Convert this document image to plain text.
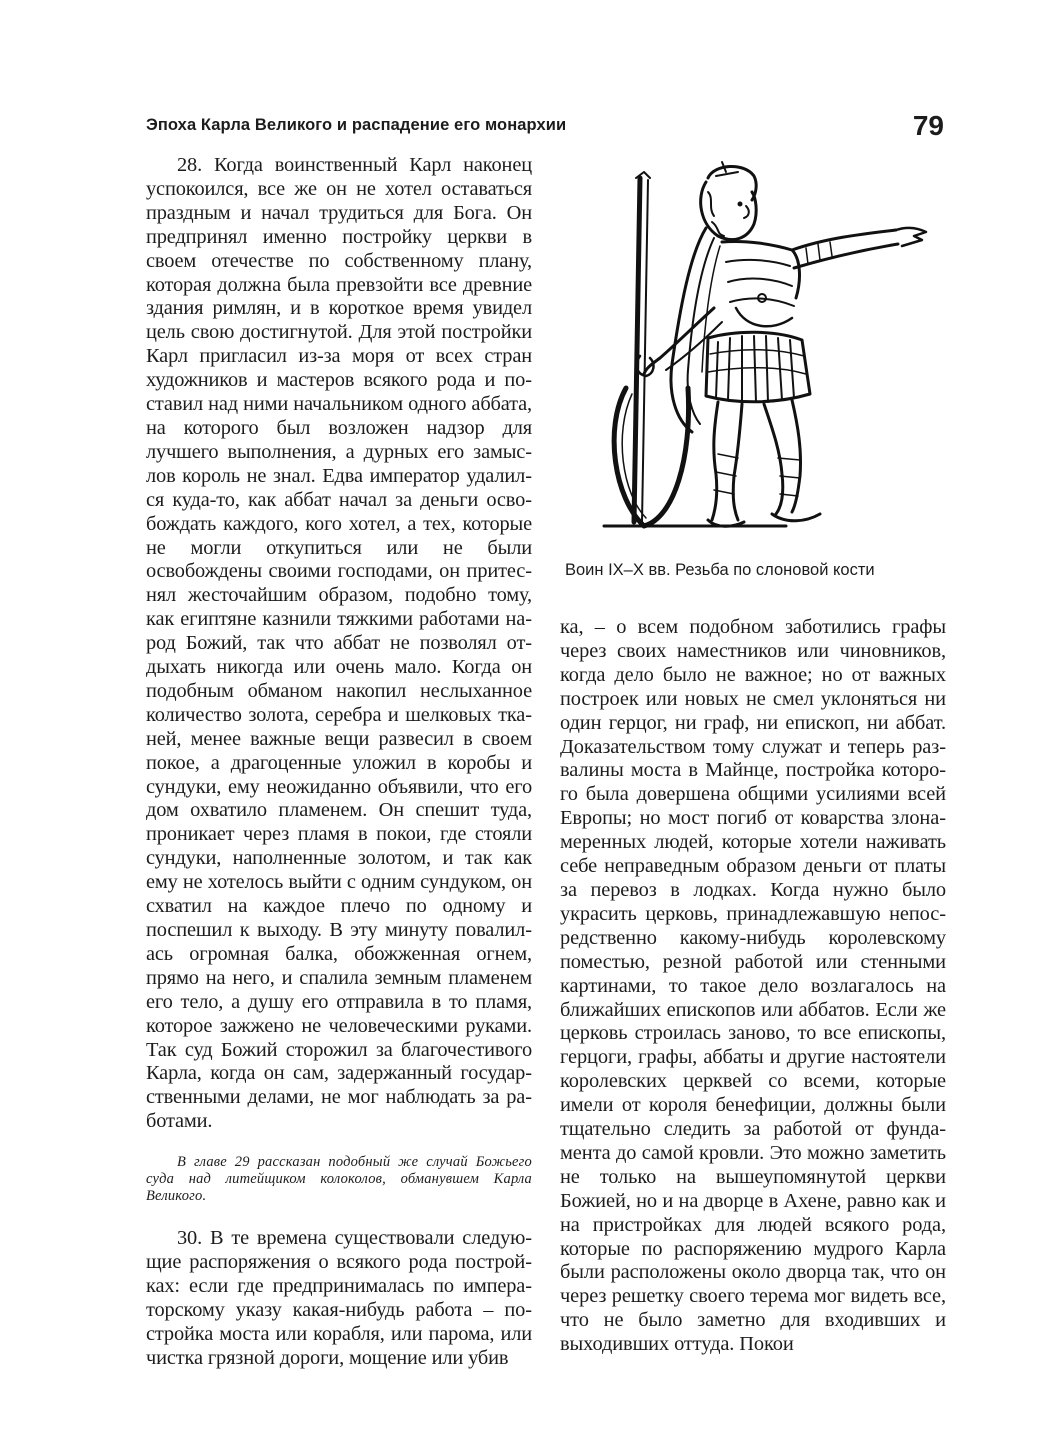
Эпоха Карла Великого и распадение его монархии	79

28. Когда воинственный Карл наконец успокоился, все же он не хотел оставаться праздным и начал трудиться для Бога. Он предпринял именно постройку церкви в своем отечестве по собственному плану, которая должна была превзойти все древние здания римлян, и в короткое время увидел цель свою достигнутой. Для этой постройки Карл пригласил из-за моря от всех стран художников и мастеров всякого рода и поставил над ними начальником одного аббата, на которого был возложен надзор для лучшего выполнения, а дурных его замыслов король не знал. Едва император удалился куда-то, как аббат начал за деньги освобождать каждого, кого хотел, а тех, которые не могли откупиться или не были освобождены своими господами, он притеснял жесточайшим образом, подобно тому, как египтяне казнили тяжкими работами народ Божий, так что аббат не позволял отдыхать никогда или очень мало. Когда он подобным обманом накопил неслыханное количество золота, серебра и шелковых тканей, менее важные вещи развесил в своем покое, а драгоценные уложил в коробы и сундуки, ему неожиданно объявили, что его дом охватило пламенем. Он спешит туда, проникает через пламя в покои, где стояли сундуки, наполненные золотом, и так как ему не хотелось выйти с одним сундуком, он схватил на каждое плечо по одному и поспешил к выходу. В эту минуту повалилась огромная балка, обожженная огнем, прямо на него, и спалила земным пламенем его тело, а душу его отправила в то пламя, которое зажжено не человеческими руками. Так суд Божий сторожил за благочестивого Карла, когда он сам, задержанный государственными делами, не мог наблюдать за работами.

В главе 29 рассказан подобный же случай Божьего суда над литейщиком колоколов, обманувшем Карла Великого.

30. В те времена существовали следующие распоряжения о всякого рода постройках: если где предпринималась по императорскому указу какая-нибудь работа – постройка моста или корабля, или парома, или чистка грязной дороги, мощение или убив

Воин IX–X вв. Резьба по слоновой кости

ка, – о всем подобном заботились графы через своих наместников или чиновников, когда дело было не важное; но от важных построек или новых не смел уклоняться ни один герцог, ни граф, ни епископ, ни аббат. Доказательством тому служат и теперь развалины моста в Майнце, постройка которого была довершена общими усилиями всей Европы; но мост погиб от коварства злонамеренных людей, которые хотели наживать себе неправедным образом деньги от платы за перевоз в лодках. Когда нужно было украсить церковь, принадлежавшую непосредственно какому-нибудь королевскому поместью, резной работой или стенными картинами, то такое дело возлагалось на ближайших епископов или аббатов. Если же церковь строилась заново, то все епископы, герцоги, графы, аббаты и другие настоятели королевских церквей со всеми, которые имели от короля бенефиции, должны были тщательно следить за работой от фундамента до самой кровли. Это можно заметить не только на вышеупомянутой церкви Божией, но и на дворце в Ахене, равно как и на пристройках для людей всякого рода, которые по распоряжению мудрого Карла были расположены около дворца так, что он через решетку своего терема мог видеть все, что не было заметно для входивших и выходивших оттуда. Покои
